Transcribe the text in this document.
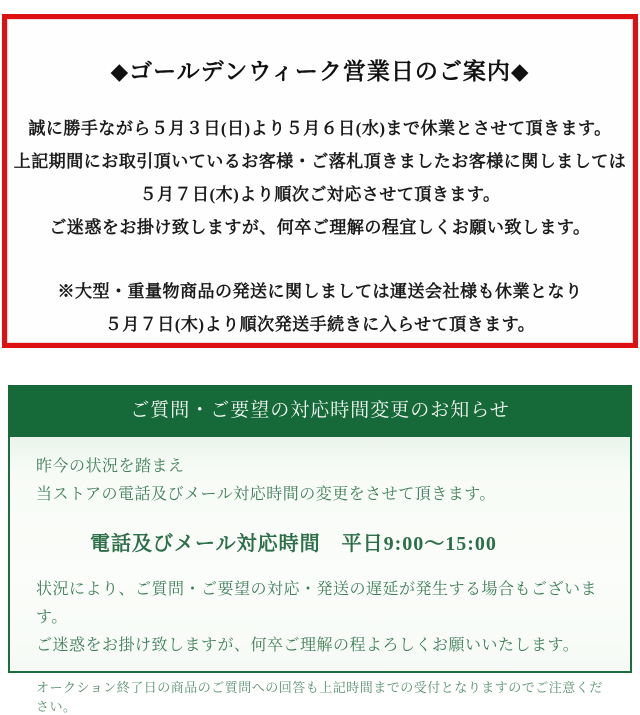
◆ゴールデンウィーク営業日のご案内◆

誠に勝手ながら５月３日(日)より５月６日(水)まで休業とさせて頂きます。

上記期間にお取引頂いているお客様・ご落札頂きましたお客様に関しましては

５月７日(木)より順次ご対応させて頂きます。

ご迷惑をお掛け致しますが、何卒ご理解の程宜しくお願い致します。

※大型・重量物商品の発送に関しましては運送会社様も休業となり

５月７日(木)より順次発送手続きに入らせて頂きます。

ご質問・ご要望の対応時間変更のお知らせ

昨今の状況を踏まえ

当ストアの電話及びメール対応時間の変更をさせて頂きます。

電話及びメール対応時間　平日9:00～15:00

状況により、ご質問・ご要望の対応・発送の遅延が発生する場合もございます。

ご迷惑をお掛け致しますが、何卒ご理解の程よろしくお願いいたします。

オークション終了日の商品のご質問への回答も上記時間までの受付となりますのでご注意ください。
